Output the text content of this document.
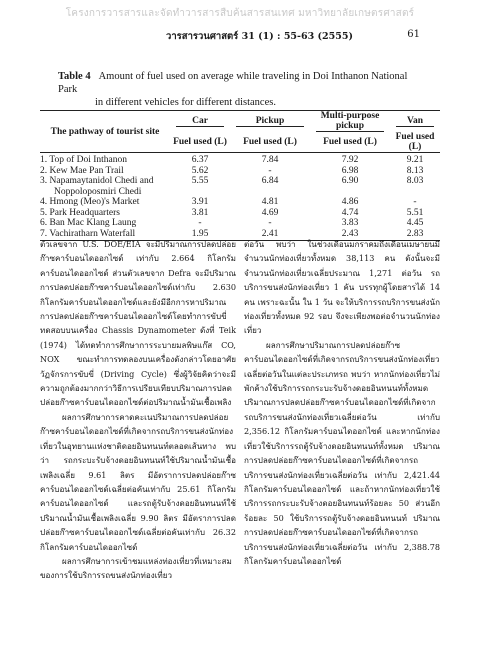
โครงการวารสารและจัดทำวารสารสืบค้นสารสนเทศ มหาวิทยาลัยเกษตรศาสตร์
วารสารวนศาสตร์ 31 (1) : 55-63 (2555)	61
Table 4 Amount of fuel used on average while traveling in Doi Inthanon National Park
in different vehicles for different distances.
The pathway of tourist site	Car	Pickup	Multi-purpose pickup	Van

	Fuel used (L)	Fuel used (L)	Fuel used (L)	Fuel used (L)
1. Top of Doi Inthanon	6.37	7.84	7.92	9.21
2. Kew Mae Pan Trail	5.62	-	6.98	8.13
3. Napamaytanidol Chedi and	5.55	6.84	6.90	8.03
Noppoloposmiri Chedi				
4. Hmong (Meo)'s Market	3.91	4.81	4.86	-
5. Park Headquarters	3.81	4.69	4.74	5.51
6. Ban Mac Klang Laung	-	-	3.83	4.45
7. Vachiratharn Waterfall	1.95	2.41	2.43	2.83

ตัวเลขจาก U.S. DOE/EIA จะมีปริมาณการปลดปล่อยก๊าซคาร์บอนไดออกไซด์ เท่ากับ 2.664 กิโลกรัมคาร์บอนไดออกไซด์ ส่วนตัวเลขจาก Defra จะมีปริมาณการปลดปล่อยก๊าซคาร์บอนไดออกไซด์เท่ากับ 2.630 กิโลกรัมคาร์บอนไดออกไซด์และยังมีอีกการหาปริมาณการปลดปล่อยก๊าซคาร์บอนไดออกไซด์โดยทำการขับขี่ทดสอบบนเครื่อง Chassis Dynamometer ดังที่ Teik (1974) ได้ทดทำการศึกษาการระบายมลพิษแก๊ส CO, NOX ขณะทำการทดลองบนเครื่องดังกล่าวโดยอาศัยวัฏจักรการขับขี่ (Driving Cycle) ซึ่งผู้วิจัยคิดว่าจะมีความถูกต้องมากกว่าวิธีการเปรียบเทียบปริมาณการปลดปล่อยก๊าซคาร์บอนไดออกไซด์ต่อปริมาณน้ำมันเชื้อเพลิง

ผลการศึกษาการคาดคะเนปริมาณการปลดปล่อยก๊าซคาร์บอนไดออกไซด์ที่เกิดจากรถบริการขนส่งนักท่องเที่ยวในอุทยานแห่งชาติดอยอินทนนท์ตลอดเส้นทาง พบว่า รถกระบะรับจ้างดอยอินทนนท์ใช้ปริมาณน้ำมันเชื้อเพลิงเฉลี่ย 9.61 ลิตร มีอัตราการปลดปล่อยก๊าซคาร์บอนไดออกไซด์เฉลี่ยต่อคันเท่ากับ 25.61 กิโลกรัมคาร์บอนไดออกไซด์ และรถตู้รับจ้างดอยอินทนนท์ใช้ปริมาณน้ำมันเชื้อเพลิงเฉลี่ย 9.90 ลิตร มีอัตราการปลดปล่อยก๊าซคาร์บอนไดออกไซด์เฉลี่ยต่อคันเท่ากับ 26.32 กิโลกรัมคาร์บอนไดออกไซด์

ผลการศึกษาการเข้าชมแหล่งท่องเที่ยวที่เหมาะสมของการใช้บริการรถขนส่งนักท่องเที่ยว

ต่อวัน พบว่า ในช่วงเดือนมกราคมถึงเดือนเมษายนมีจำนวนนักท่องเที่ยวทั้งหมด 38,113 คน ดังนั้นจะมีจำนวนนักท่องเที่ยวเฉลี่ยประมาณ 1,271 ต่อวัน รถบริการขนส่งนักท่องเที่ยว 1 คัน บรรทุกผู้โดยสารได้ 14 คน เพราะฉะนั้น ใน 1 วัน จะให้บริการรถบริการขนส่งนักท่องเที่ยวทั้งหมด 92 รอบ จึงจะเพียงพอต่อจำนวนนักท่องเที่ยว

ผลการศึกษาปริมาณการปลดปล่อยก๊าซคาร์บอนไดออกไซด์ที่เกิดจากรถบริการขนส่งนักท่องเที่ยวเฉลี่ยต่อวันในแต่ละประเภทรถ พบว่า หากนักท่องเที่ยวไม่พักค้างใช้บริการรถกระบะรับจ้างดอยอินทนนท์ทั้งหมด ปริมาณการปลดปล่อยก๊าซคาร์บอนไดออกไซด์ที่เกิดจากรถบริการขนส่งนักท่องเที่ยวเฉลี่ยต่อวัน เท่ากับ 2,356.12 กิโลกรัมคาร์บอนไดออกไซด์ และหากนักท่องเที่ยวใช้บริการรถตู้รับจ้างดอยอินทนนท์ทั้งหมด ปริมาณการปลดปล่อยก๊าซคาร์บอนไดออกไซด์ที่เกิดจากรถบริการขนส่งนักท่องเที่ยวเฉลี่ยต่อวัน เท่ากับ 2,421.44 กิโลกรัมคาร์บอนไดออกไซด์ และถ้าหากนักท่องเที่ยวใช้บริการรถกระบะรับจ้างดอยอินทนนท์ร้อยละ 50 ส่วนอีกร้อยละ 50 ใช้บริการรถตู้รับจ้างดอยอินทนนท์ ปริมาณการปลดปล่อยก๊าซคาร์บอนไดออกไซด์ที่เกิดจากรถบริการขนส่งนักท่องเที่ยวเฉลี่ยต่อวัน เท่ากับ 2,388.78 กิโลกรัมคาร์บอนไดออกไซด์
